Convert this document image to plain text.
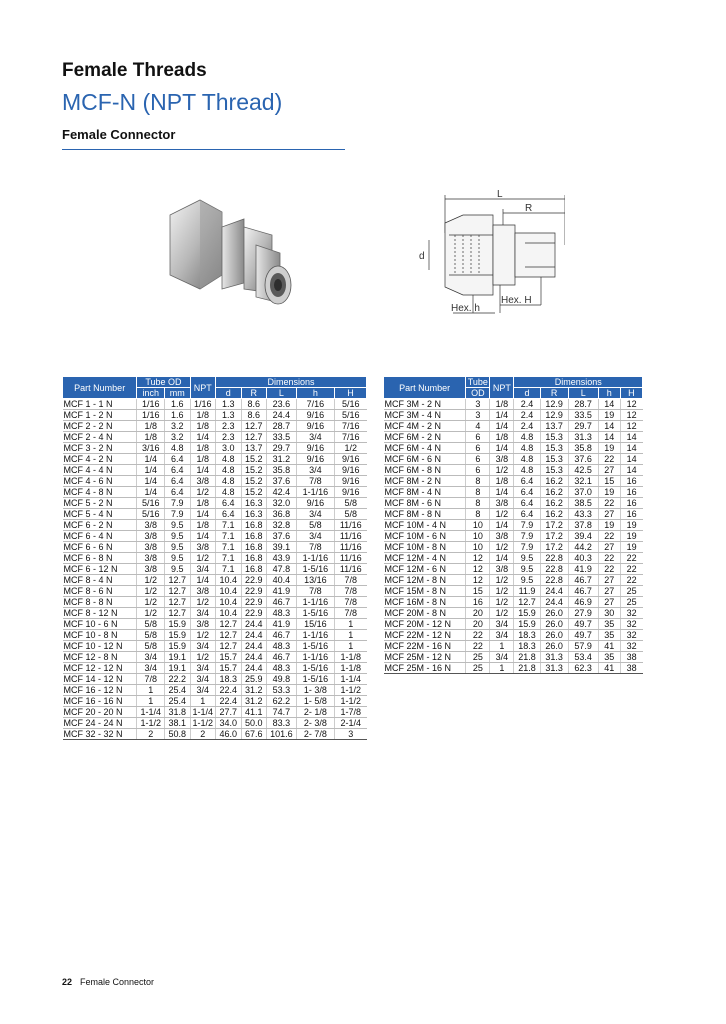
Female Threads
MCF-N (NPT Thread)
Female Connector
L
R
d
Hex. h
Hex. H
Part Number	Tube OD		NPT	Dimensions				
	inch	mm		d	R	L	h	H
MCF 1 - 1 N	1/16	1.6	1/16	1.3	8.6	23.6	7/16	5/16
MCF 1 - 2 N	1/16	1.6	1/8	1.3	8.6	24.4	9/16	5/16
MCF 2 - 2 N	1/8	3.2	1/8	2.3	12.7	28.7	9/16	7/16
MCF 2 - 4 N	1/8	3.2	1/4	2.3	12.7	33.5	3/4	7/16
MCF 3 - 2 N	3/16	4.8	1/8	3.0	13.7	29.7	9/16	1/2
MCF 4 - 2 N	1/4	6.4	1/8	4.8	15.2	31.2	9/16	9/16
MCF 4 - 4 N	1/4	6.4	1/4	4.8	15.2	35.8	3/4	9/16
MCF 4 - 6 N	1/4	6.4	3/8	4.8	15.2	37.6	7/8	9/16
MCF 4 - 8 N	1/4	6.4	1/2	4.8	15.2	42.4	1-1/16	9/16
MCF 5 - 2 N	5/16	7.9	1/8	6.4	16.3	32.0	9/16	5/8
MCF 5 - 4 N	5/16	7.9	1/4	6.4	16.3	36.8	3/4	5/8
MCF 6 - 2 N	3/8	9.5	1/8	7.1	16.8	32.8	5/8	11/16
MCF 6 - 4 N	3/8	9.5	1/4	7.1	16.8	37.6	3/4	11/16
MCF 6 - 6 N	3/8	9.5	3/8	7.1	16.8	39.1	7/8	11/16
MCF 6 - 8 N	3/8	9.5	1/2	7.1	16.8	43.9	1-1/16	11/16
MCF 6 - 12 N	3/8	9.5	3/4	7.1	16.8	47.8	1-5/16	11/16
MCF 8 - 4 N	1/2	12.7	1/4	10.4	22.9	40.4	13/16	7/8
MCF 8 - 6 N	1/2	12.7	3/8	10.4	22.9	41.9	7/8	7/8
MCF 8 - 8 N	1/2	12.7	1/2	10.4	22.9	46.7	1-1/16	7/8
MCF 8 - 12 N	1/2	12.7	3/4	10.4	22.9	48.3	1-5/16	7/8
MCF 10 - 6 N	5/8	15.9	3/8	12.7	24.4	41.9	15/16	1
MCF 10 - 8 N	5/8	15.9	1/2	12.7	24.4	46.7	1-1/16	1
MCF 10 - 12 N	5/8	15.9	3/4	12.7	24.4	48.3	1-5/16	1
MCF 12 - 8 N	3/4	19.1	1/2	15.7	24.4	46.7	1-1/16	1-1/8
MCF 12 - 12 N	3/4	19.1	3/4	15.7	24.4	48.3	1-5/16	1-1/8
MCF 14 - 12 N	7/8	22.2	3/4	18.3	25.9	49.8	1-5/16	1-1/4
MCF 16 - 12 N	1	25.4	3/4	22.4	31.2	53.3	1- 3/8	1-1/2
MCF 16 - 16 N	1	25.4	1	22.4	31.2	62.2	1- 5/8	1-1/2
MCF 20 - 20 N	1-1/4	31.8	1-1/4	27.7	41.1	74.7	2- 1/8	1-7/8
MCF 24 - 24 N	1-1/2	38.1	1-1/2	34.0	50.0	83.3	2- 3/8	2-1/4
MCF 32 - 32 N	2	50.8	2	46.0	67.6	101.6	2- 7/8	3
Part Number	Tube	NPT	Dimensions				
	OD		d	R	L	h	H
MCF 3M - 2 N	3	1/8	2.4	12.9	28.7	14	12
MCF 3M - 4 N	3	1/4	2.4	12.9	33.5	19	12
MCF 4M - 2 N	4	1/4	2.4	13.7	29.7	14	12
MCF 6M - 2 N	6	1/8	4.8	15.3	31.3	14	14
MCF 6M - 4 N	6	1/4	4.8	15.3	35.8	19	14
MCF 6M - 6 N	6	3/8	4.8	15.3	37.6	22	14
MCF 6M - 8 N	6	1/2	4.8	15.3	42.5	27	14
MCF 8M - 2 N	8	1/8	6.4	16.2	32.1	15	16
MCF 8M - 4 N	8	1/4	6.4	16.2	37.0	19	16
MCF 8M - 6 N	8	3/8	6.4	16.2	38.5	22	16
MCF 8M - 8 N	8	1/2	6.4	16.2	43.3	27	16
MCF 10M - 4 N	10	1/4	7.9	17.2	37.8	19	19
MCF 10M - 6 N	10	3/8	7.9	17.2	39.4	22	19
MCF 10M - 8 N	10	1/2	7.9	17.2	44.2	27	19
MCF 12M - 4 N	12	1/4	9.5	22.8	40.3	22	22
MCF 12M - 6 N	12	3/8	9.5	22.8	41.9	22	22
MCF 12M - 8 N	12	1/2	9.5	22.8	46.7	27	22
MCF 15M - 8 N	15	1/2	11.9	24.4	46.7	27	25
MCF 16M - 8 N	16	1/2	12.7	24.4	46.9	27	25
MCF 20M - 8 N	20	1/2	15.9	26.0	27.9	30	32
MCF 20M - 12 N	20	3/4	15.9	26.0	49.7	35	32
MCF 22M - 12 N	22	3/4	18.3	26.0	49.7	35	32
MCF 22M - 16 N	22	1	18.3	26.0	57.9	41	32
MCF 25M - 12 N	25	3/4	21.8	31.3	53.4	35	38
MCF 25M - 16 N	25	1	21.8	31.3	62.3	41	38
22 Female Connector
